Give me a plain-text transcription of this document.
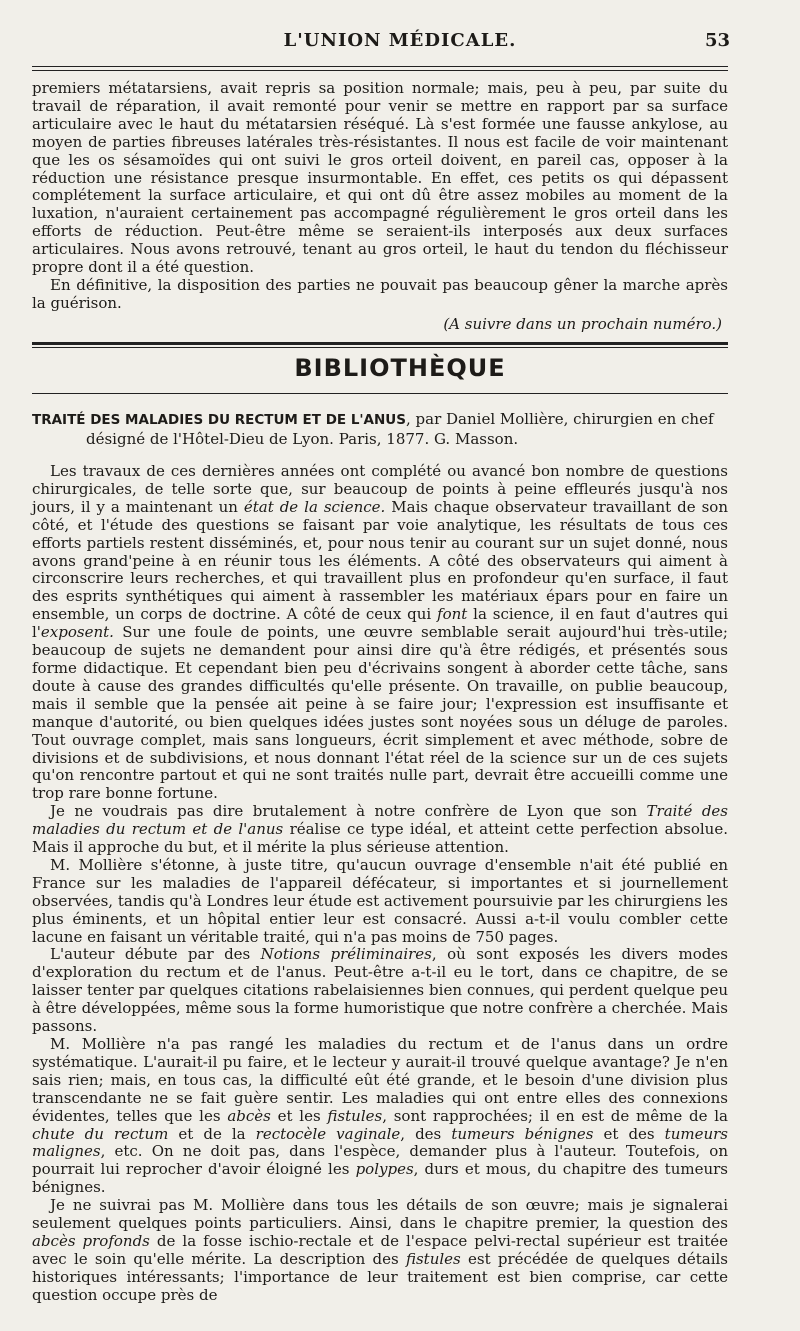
L'UNION MÉDICALE.	53

premiers métatarsiens, avait repris sa position normale; mais, peu à peu, par suite du travail de réparation, il avait remonté pour venir se mettre en rapport par sa surface articulaire avec le haut du métatarsien réséqué. Là s'est formée une fausse ankylose, au moyen de parties fibreuses latérales très-résistantes. Il nous est facile de voir maintenant que les os sésamoïdes qui ont suivi le gros orteil doivent, en pareil cas, opposer à la réduction une résistance presque insurmontable. En effet, ces petits os qui dépassent complétement la surface articulaire, et qui ont dû être assez mobiles au moment de la luxation, n'auraient certainement pas accompagné régulièrement le gros orteil dans les efforts de réduction. Peut-être même se seraient-ils interposés aux deux surfaces articulaires. Nous avons retrouvé, tenant au gros orteil, le haut du tendon du fléchisseur propre dont il a été question.

En définitive, la disposition des parties ne pouvait pas beaucoup gêner la marche après la guérison.

(A suivre dans un prochain numéro.)
BIBLIOTHÈQUE
TRAITÉ DES MALADIES DU RECTUM ET DE L'ANUS, par Daniel Mollière, chirurgien en chef
désigné de l'Hôtel-Dieu de Lyon. Paris, 1877. G. Masson.

Les travaux de ces dernières années ont complété ou avancé bon nombre de questions chirurgicales, de telle sorte que, sur beaucoup de points à peine effleurés jusqu'à nos jours, il y a maintenant un état de la science. Mais chaque observateur travaillant de son côté, et l'étude des questions se faisant par voie analytique, les résultats de tous ces efforts partiels restent disséminés, et, pour nous tenir au courant sur un sujet donné, nous avons grand'peine à en réunir tous les éléments. A côté des observateurs qui aiment à circonscrire leurs recherches, et qui travaillent plus en profondeur qu'en surface, il faut des esprits synthétiques qui aiment à rassembler les matériaux épars pour en faire un ensemble, un corps de doctrine. A côté de ceux qui font la science, il en faut d'autres qui l'exposent. Sur une foule de points, une œuvre semblable serait aujourd'hui très-utile; beaucoup de sujets ne demandent pour ainsi dire qu'à être rédigés, et présentés sous forme didactique. Et cependant bien peu d'écrivains songent à aborder cette tâche, sans doute à cause des grandes difficultés qu'elle présente. On travaille, on publie beaucoup, mais il semble que la pensée ait peine à se faire jour; l'expression est insuffisante et manque d'autorité, ou bien quelques idées justes sont noyées sous un déluge de paroles. Tout ouvrage complet, mais sans longueurs, écrit simplement et avec méthode, sobre de divisions et de subdivisions, et nous donnant l'état réel de la science sur un de ces sujets qu'on rencontre partout et qui ne sont traités nulle part, devrait être accueilli comme une trop rare bonne fortune.

Je ne voudrais pas dire brutalement à notre confrère de Lyon que son Traité des maladies du rectum et de l'anus réalise ce type idéal, et atteint cette perfection absolue. Mais il approche du but, et il mérite la plus sérieuse attention.

M. Mollière s'étonne, à juste titre, qu'aucun ouvrage d'ensemble n'ait été publié en France sur les maladies de l'appareil défécateur, si importantes et si journellement observées, tandis qu'à Londres leur étude est activement poursuivie par les chirurgiens les plus éminents, et un hôpital entier leur est consacré. Aussi a-t-il voulu combler cette lacune en faisant un véritable traité, qui n'a pas moins de 750 pages.

L'auteur débute par des Notions préliminaires, où sont exposés les divers modes d'exploration du rectum et de l'anus. Peut-être a-t-il eu le tort, dans ce chapitre, de se laisser tenter par quelques citations rabelaisiennes bien connues, qui perdent quelque peu à être développées, même sous la forme humoristique que notre confrère a cherchée. Mais passons.

M. Mollière n'a pas rangé les maladies du rectum et de l'anus dans un ordre systématique. L'aurait-il pu faire, et le lecteur y aurait-il trouvé quelque avantage? Je n'en sais rien; mais, en tous cas, la difficulté eût été grande, et le besoin d'une division plus transcendante ne se fait guère sentir. Les maladies qui ont entre elles des connexions évidentes, telles que les abcès et les fistules, sont rapprochées; il en est de même de la chute du rectum et de la rectocèle vaginale, des tumeurs bénignes et des tumeurs malignes, etc. On ne doit pas, dans l'espèce, demander plus à l'auteur. Toutefois, on pourrait lui reprocher d'avoir éloigné les polypes, durs et mous, du chapitre des tumeurs bénignes.

Je ne suivrai pas M. Mollière dans tous les détails de son œuvre; mais je signalerai seulement quelques points particuliers. Ainsi, dans le chapitre premier, la question des abcès profonds de la fosse ischio-rectale et de l'espace pelvi-rectal supérieur est traitée avec le soin qu'elle mérite. La description des fistules est précédée de quelques détails historiques intéressants; l'importance de leur traitement est bien comprise, car cette question occupe près de
